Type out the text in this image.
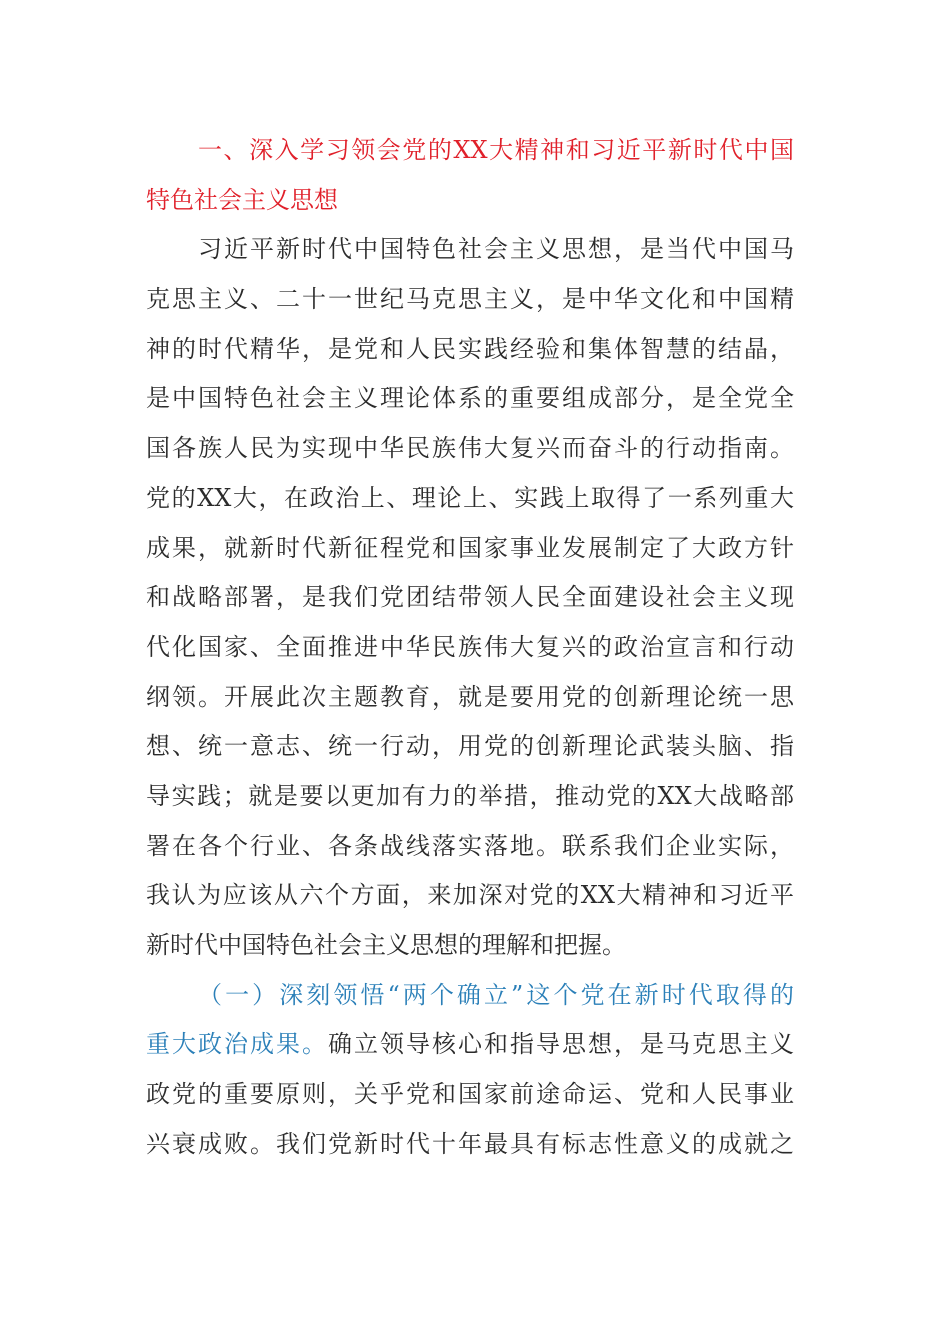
一、深入学习领会党的XX大精神和习近平新时代中国
特色社会主义思想
习近平新时代中国特色社会主义思想，是当代中国马
克思主义、二十一世纪马克思主义，是中华文化和中国精
神的时代精华，是党和人民实践经验和集体智慧的结晶，
是中国特色社会主义理论体系的重要组成部分，是全党全
国各族人民为实现中华民族伟大复兴而奋斗的行动指南。
党的XX大，在政治上、理论上、实践上取得了一系列重大
成果，就新时代新征程党和国家事业发展制定了大政方针
和战略部署，是我们党团结带领人民全面建设社会主义现
代化国家、全面推进中华民族伟大复兴的政治宣言和行动
纲领。开展此次主题教育，就是要用党的创新理论统一思
想、统一意志、统一行动，用党的创新理论武装头脑、指
导实践；就是要以更加有力的举措，推动党的XX大战略部
署在各个行业、各条战线落实落地。联系我们企业实际，
我认为应该从六个方面，来加深对党的XX大精神和习近平
新时代中国特色社会主义思想的理解和把握。
（一）深刻领悟“两个确立”这个党在新时代取得的
重大政治成果。确立领导核心和指导思想，是马克思主义
政党的重要原则，关乎党和国家前途命运、党和人民事业
兴衰成败。我们党新时代十年最具有标志性意义的成就之
